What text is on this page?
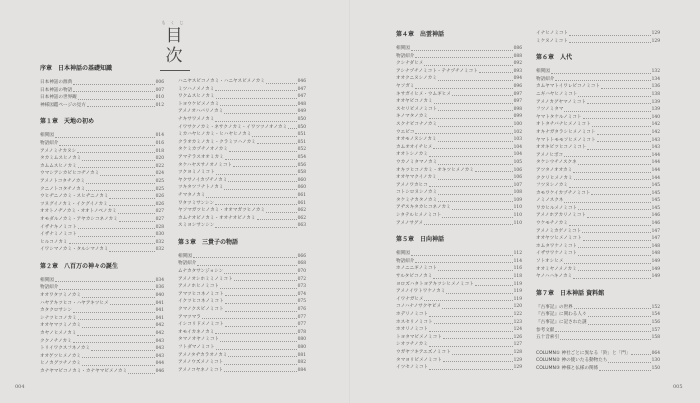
もくじ
目次
序章　日本神話の基礎知識
日本神話の源典	006
日本神話の物語	007
日本神話の世界観	010
神様図鑑ページの見方	012
第１章　天地の初め
相関図	014
物語紹介	016
アメノミナカヌシ	018
タカミムスヒノカミ	020
カムムスヒノカミ	022
ウマシアシカビヒコヂノカミ	024
アメノトコタチノカミ	025
クニノトコタチノカミ	025
ウヒヂニノカミ・スヒヂニノカミ	026
ツヌグイノカミ・イクグイノカミ	026
オオトノヂノカミ・オオトノベノカミ	027
オモダルノカミ・アヤカシコネノカミ	027
イザナキノミコト	028
イザナミノミコト	030
ヒルコノカミ	032
イワシマノカミ・タルシマノカミ	032
第２章　八百万の神々の誕生
相関図	034
物語紹介	036
オオワタツミノカミ	040
ハヤアキツヒコ・ハヤアキツヒメ	041
カタクロサシン	041
シナツヒコノカミ	041
オオヤマツミノカミ	042
カヤノヒメノカミ	042
ククノチノカミ	043
トリイワクスフネノカミ	043
オオゲツヒメノカミ	043
ヒノカグツチノカミ	044
カナヤマビコノカミ・カナヤマビメノカミ	046
ハニヤスビコノカミ・ハニヤスビメノカミ	046
ミツハノメノカミ	047
ワクムスヒノカミ	047
トヨウケビメノカミ	048
アメノオハバリノカミ	049
ナキサワメノカミ	050
イワサクノカミ・ネサクノカミ・イワツツノオノカミ 050
ミカハヤヒノカミ・ヒハヤヒノカミ	051
クラオカミノカミ・クラミツハノカミ	051
タケミカヅチノオノカミ	052
アマテラスオオミカミ	054
タケハヤスサノオノミコト	056
ツクヨミノミコト	058
ヤクサノイカヅチノカミ	060
ツキタツフナトノカミ	060
チマタノカミ	061
ワタツミサンシン	061
ヤソマガツヒノカミ・オオマガツヒノカミ	062
カムナオビノカミ・オオナオビノカミ	062
スミヨシサンシン	063
第３章　三貴子の物語
相関図	066
物語紹介	068
ムナカタサンジョシン	070
アメノオシホミミノミコト	072
アメノホヒノミコト	073
アマツヒコネノミコト	074
イクツヒコネノミコト	075
クマノクスビノミコト	076
アマツマラ	077
イシコリドメノミコト	077
オモイカネノカミ	078
タマノオヤノミコト	080
フトダマノミコト	080
アメノタヂカラオノカミ	081
アメノウズメノミコト	082
アメノコヤネノミコト	084
第４章　出雲神話
相関図	086
物語紹介	088
クシナダヒメ	092
アシナヅチノミコト・テナヅチノミコト	093
オオクニヌシノカミ	094
ヤソガミ	096
キサガイヒメ・ウムギヒメ	097
オオヤビコノカミ	097
スセリビメノミコト	098
キノマタノカミ	099
スクナビコナノカミ	100
ウエビコ	102
オオモノヌシノカミ	103
カムオオイチヒメ	104
オオトシノカミ	104
ウカノミタマノカミ	105
オキツヒコノカミ・オキツヒメノカミ	106
オオヤマクイノカミ	106
アメノワカヒコ	107
コトシロヌシノカミ	108
タケミナカタノカミ	109
アヂスキタカヒコネノカミ	110
シタテルヒメノミコト	110
アメノサグメ	110
第５章　日向神話
相関図	112
物語紹介	114
ホノニニギノミコト	116
サルタビコノカミ	118
ヨロズハタトヨアキツシヒメノミコト	119
アメノイワトワケノカミ	119
イワナガヒメ	119
コノハナノサクヤビメ	120
ホデリノミコト	122
ホスセリノミコト	123
ホオリノミコト	124
トヨタマビメノミコト	126
シオツチノカミ	127
ウガヤフキアエズノミコト	128
タマヨリビメノミコト	129
イツセノミコト	129
イナヒノミコト	129
ミケヌノミコト	129
第６章　人代
相関図	132
物語紹介	134
カムヤマトイワレビコノミコト	136
ニギハヤヒノミコト	138
アメノカグヤマノミコト	139
フツノミタマ	139
ヤマトタケルノミコト	140
オトタチバナヒメノミコト	142
オキナガタラシヒメノミコト	142
ヤマトトモモソヒメノミコト	143
オオキビツヒコノミコト	143
アメノヒボコ	144
タケシウチノスクネ	144
アツタノオオカミ	144
ククリヒメノカミ	144
フツヌシノカミ	145
カモワケイカヅチノミコト	145
ノミノスクネ	145
ワカヒルメノミコト	145
アメノホアカリノミコト	146
ウケモチノカミ	146
アメノミカゲノミコト	147
オオヤツヒメノミコト	147
ホムタワケノミコト	148
イザサワケノミコト	148
ソトオシヒメ	149
オオミヤノメノカミ	149
ヤノハハキノカミ	149
第７章　日本神話 資料館
『古事記』の世界	152
『古事記』に関わる人々	154
『古事記』に記された謎	156
参考文献	157
五十音索引	158
COLUMN① 神社ごとに異なる「鈴」と「門」	064
COLUMN② 神の使いたる動物たち	130
COLUMN③ 神様と仏様の関係	150
004	005
